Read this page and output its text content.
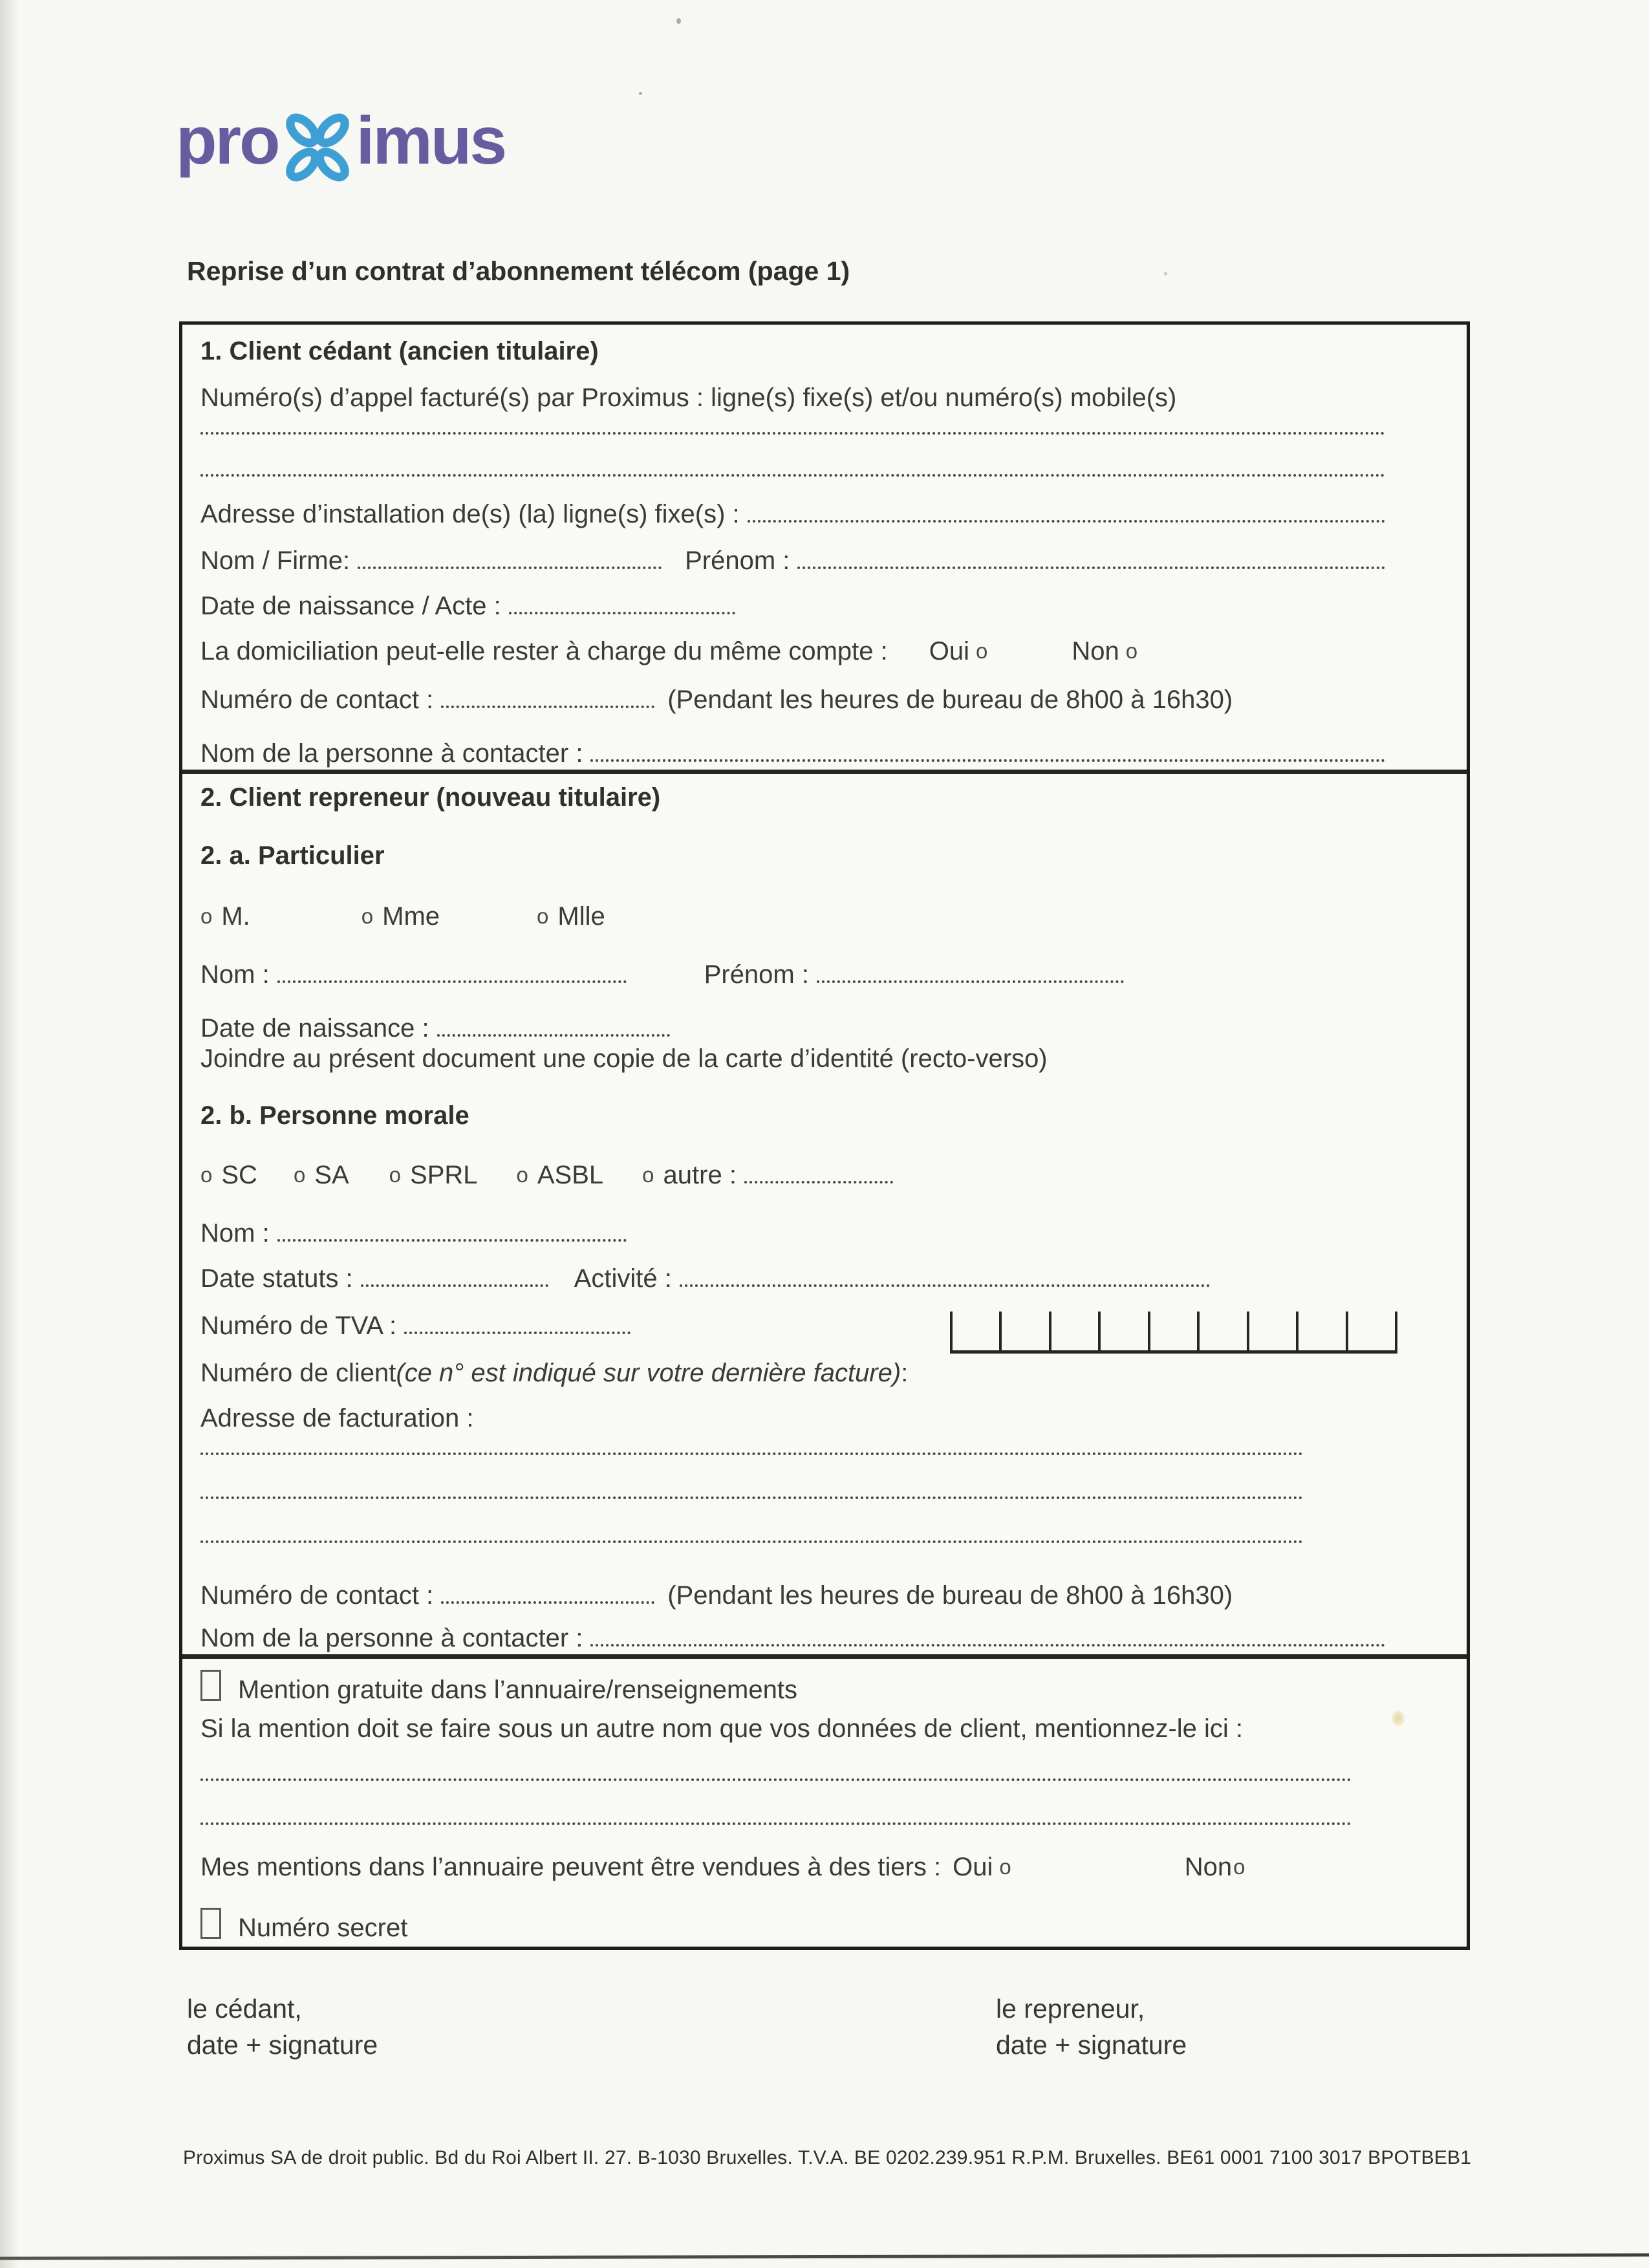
pro imus
Reprise d’un contrat d’abonnement télécom (page 1)
1. Client cédant (ancien titulaire)
Numéro(s) d’appel facturé(s) par Proximus : ligne(s) fixe(s) et/ou numéro(s) mobile(s)
Adresse d’installation de(s) (la) ligne(s) fixe(s) :
Nom / Firme:	Prénom :
Date de naissance / Acte :
La domiciliation peut-elle rester à charge du même compte : Oui o	Non o
Numéro de contact :	(Pendant les heures de bureau de 8h00 à 16h30)
Nom de la personne à contacter :
2. Client repreneur (nouveau titulaire)
2. a. Particulier
o M.	o Mme	o Mlle
Nom :	Prénom :
Date de naissance :
Joindre au présent document une copie de la carte d’identité (recto-verso)
2. b. Personne morale
o SC o SA o SPRL o ASBL o autre :
Nom :
Date statuts :	Activité :
Numéro de TVA :
Numéro de client (ce n° est indiqué sur votre dernière facture) :
Adresse de facturation :
Numéro de contact :	(Pendant les heures de bureau de 8h00 à 16h30)
Nom de la personne à contacter :
Mention gratuite dans l’annuaire/renseignements
Si la mention doit se faire sous un autre nom que vos données de client, mentionnez-le ici :
Mes mentions dans l’annuaire peuvent être vendues à des tiers : Oui o	Non o
Numéro secret
le cédant,
date + signature
le repreneur,
date + signature
Proximus SA de droit public. Bd du Roi Albert II. 27. B-1030 Bruxelles. T.V.A. BE 0202.239.951 R.P.M. Bruxelles. BE61 0001 7100 3017 BPOTBEB1
